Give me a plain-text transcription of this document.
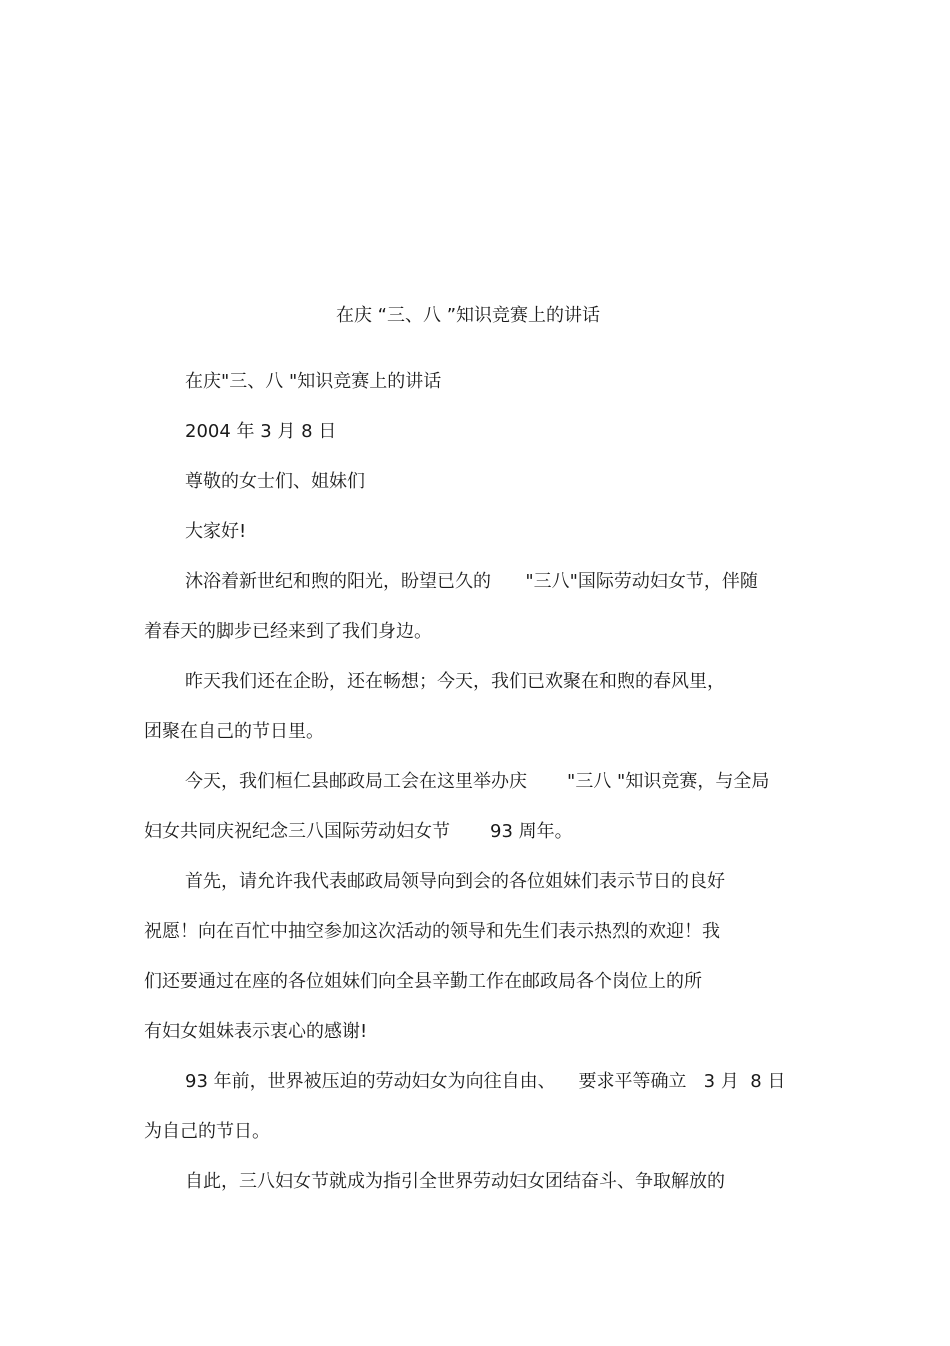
在庆 “三、八 ”知识竞赛上的讲话
在庆"三、八 "知识竞赛上的讲话
2004 年 3 月 8 日
尊敬的女士们、姐妹们
大家好!
沐浴着新世纪和煦的阳光，盼望已久的      "三八"国际劳动妇女节，伴随
着春天的脚步已经来到了我们身边。
昨天我们还在企盼，还在畅想；今天，我们已欢聚在和煦的春风里，
团聚在自己的节日里。
今天，我们桓仁县邮政局工会在这里举办庆       "三八 "知识竞赛，与全局
妇女共同庆祝纪念三八国际劳动妇女节       93 周年。
首先，请允许我代表邮政局领导向到会的各位姐妹们表示节日的良好
祝愿！向在百忙中抽空参加这次活动的领导和先生们表示热烈的欢迎！我
们还要通过在座的各位姐妹们向全县辛勤工作在邮政局各个岗位上的所
有妇女姐妹表示衷心的感谢!
93 年前，世界被压迫的劳动妇女为向往自由、    要求平等确立   3 月  8 日
为自己的节日。
自此，三八妇女节就成为指引全世界劳动妇女团结奋斗、争取解放的
